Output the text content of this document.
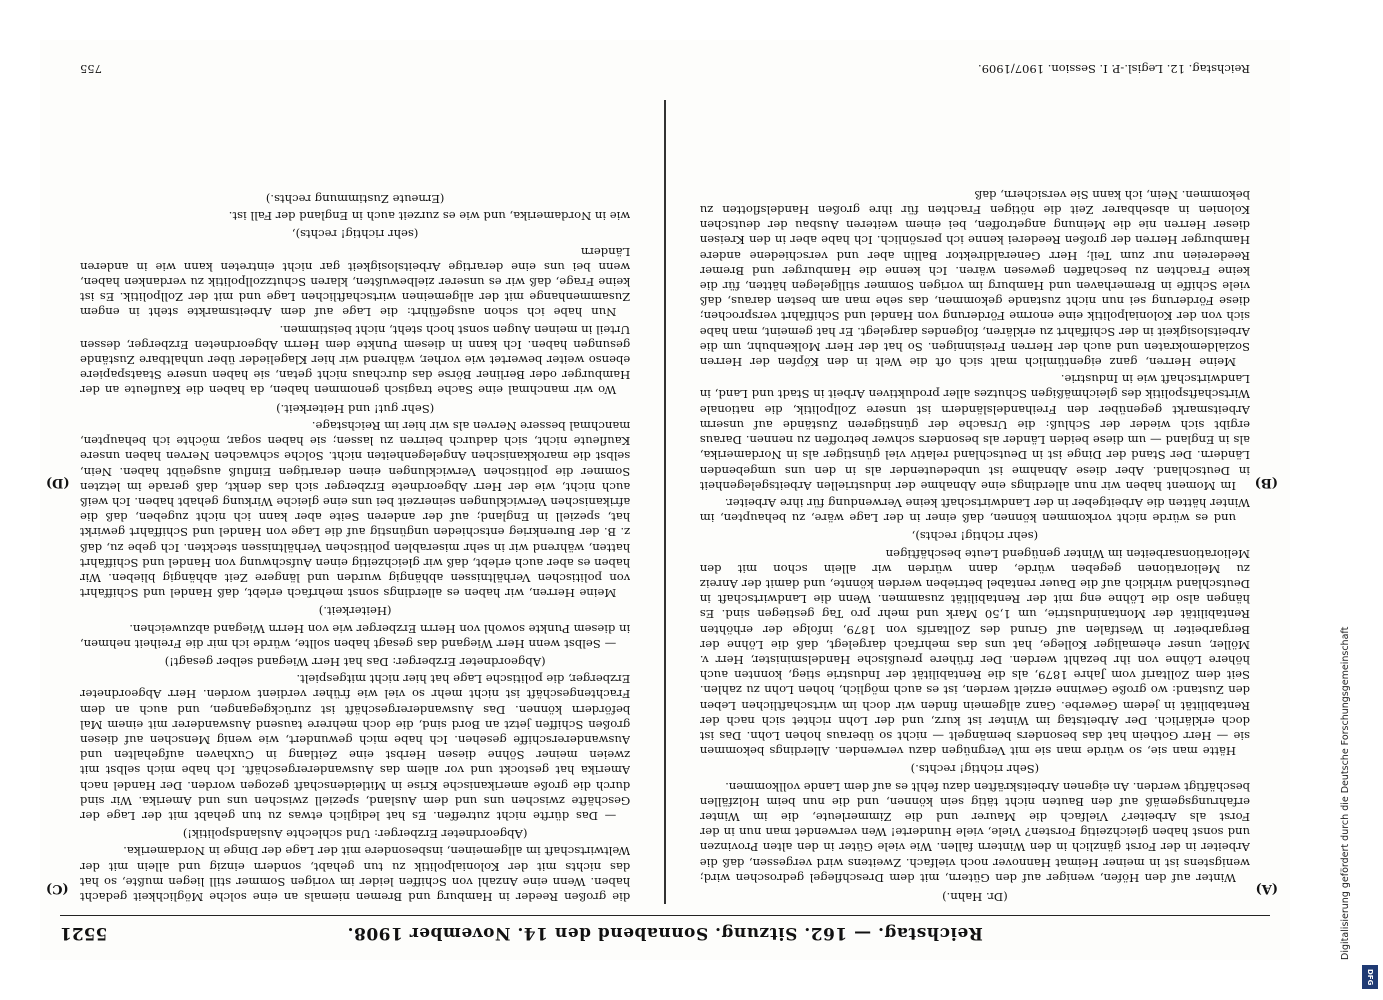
Reichstag. — 162. Sitzung. Sonnabend den 14. November 1908.
5521
(A)
(B)
(C)
(D)

(Dr. Hahn.)

Winter auf den Höfen, weniger auf den Gütern, mit dem Dreschflegel gedroschen wird; wenigstens ist in meiner Heimat Hannover noch vielfach. Zweitens wird vergessen, daß die Arbeiter in der Forst gänzlich in den Wintern fallen. Wie viele Güter in den alten Provinzen und sonst haben gleichzeitig Forsten? Viele, viele Hunderte! Wen verwendet man nun in der Forst als Arbeiter? Vielfach die Maurer und die Zimmerleute, die im Winter erfahrungsgemäß auf den Bauten nicht tätig sein können, und die nun beim Holzfällen beschäftigt werden. An eigenen Arbeitskräften dazu fehlt es auf dem Lande vollkommen.

(Sehr richtig! rechts.)

Hätte man sie, so würde man sie mit Vergnügen dazu verwenden. Allerdings bekommen sie — Herr Gothein hat das besonders bemängelt — nicht so überaus hohen Lohn. Das ist doch erklärlich. Der Arbeitstag im Winter ist kurz, und der Lohn richtet sich nach der Rentabilität in jedem Gewerbe. Ganz allgemein finden wir doch im wirtschaftlichen Leben den Zustand: wo große Gewinne erzielt werden, ist es auch möglich, hohen Lohn zu zahlen. Seit dem Zolltarif vom Jahre 1879, als die Rentabilität der Industrie stieg, konnten auch höhere Löhne von ihr bezahlt werden. Der frühere preußische Handelsminister, Herr v. Möller, unser ehemaliger Kollege, hat uns das mehrfach dargelegt, daß die Löhne der Bergarbeiter in Westfalen auf Grund des Zolltarifs von 1879, infolge der erhöhten Rentabilität der Montanindustrie, um 1,50 Mark und mehr pro Tag gestiegen sind. Es hängen also die Löhne eng mit der Rentabilität zusammen. Wenn die Landwirtschaft in Deutschland wirklich auf die Dauer rentabel betrieben werden könnte, und damit der Anreiz zu Meliorationen gegeben würde, dann würden wir allein schon mit den Meliorationsarbeiten im Winter genügend Leute beschäftigen

(sehr richtig! rechts),

und es würde nicht vorkommen können, daß einer in der Lage wäre, zu behaupten, im Winter hätten die Arbeitgeber in der Landwirtschaft keine Verwendung für ihre Arbeiter.

Im Moment haben wir nun allerdings eine Abnahme der industriellen Arbeitsgelegenheit in Deutschland. Aber diese Abnahme ist unbedeutender als in den uns umgebenden Ländern. Der Stand der Dinge ist in Deutschland relativ viel günstiger als in Nordamerika, als in England — um diese beiden Länder als besonders schwer betroffen zu nennen. Daraus ergibt sich wieder der Schluß: die Ursache der günstigeren Zustände auf unserm Arbeitsmarkt gegenüber den Freihandelsländern ist unsere Zollpolitik, die nationale Wirtschaftspolitik des gleichmäßigen Schutzes aller produktiven Arbeit in Stadt und Land, in Landwirtschaft wie in Industrie.

Meine Herren, ganz eigentümlich malt sich oft die Welt in den Köpfen der Herren Sozialdemokraten und auch der Herren Freisinnigen. So hat der Herr Molkenbuhr, um die Arbeitslosigkeit in der Schiffahrt zu erklären, folgendes dargelegt. Er hat gemeint, man habe sich von der Kolonialpolitik eine enorme Förderung von Handel und Schiffahrt versprochen; diese Förderung sei nun nicht zustande gekommen, das sehe man am besten daraus, daß viele Schiffe in Bremerhaven und Hamburg im vorigen Sommer stillgelegen hätten, für die keine Frachten zu beschaffen gewesen wären. Ich kenne die Hamburger und Bremer Reedereien nur zum Teil; Herr Generaldirektor Ballin aber und verschiedene andere Hamburger Herren der großen Reederei kenne ich persönlich. Ich habe aber in den Kreisen dieser Herren nie die Meinung angetroffen, bei einem weiteren Ausbau der deutschen Kolonien in absehbarer Zeit die nötigen Frachten für ihre großen Handelsflotten zu bekommen. Nein, ich kann Sie versichern, daß

die großen Reeder in Hamburg und Bremen niemals an eine solche Möglichkeit gedacht haben. Wenn eine Anzahl von Schiffen leider im vorigen Sommer still liegen mußte, so hat das nichts mit der Kolonialpolitik zu tun gehabt, sondern einzig und allein mit der Weltwirtschaft im allgemeinen, insbesondere mit der Lage der Dinge in Nordamerika.

(Abgeordneter Erzberger: Und schlechte Auslandspolitik!)

— Das dürfte nicht zutreffen. Es hat lediglich etwas zu tun gehabt mit der Lage der Geschäfte zwischen uns und dem Ausland, speziell zwischen uns und Amerika. Wir sind durch die große amerikanische Krise in Mitleidenschaft gezogen worden. Der Handel nach Amerika hat gestockt und vor allem das Auswanderergeschäft. Ich habe mich selbst mit zweien meiner Söhne diesen Herbst eine Zeitlang in Cuxhaven aufgehalten und Auswandererschiffe gesehen. Ich habe mich gewundert, wie wenig Menschen auf diesen großen Schiffen jetzt an Bord sind, die doch mehrere tausend Auswanderer mit einem Mal befördern können. Das Auswanderergeschäft ist zurückgegangen, und auch an dem Frachtengeschäft ist nicht mehr so viel wie früher verdient worden. Herr Abgeordneter Erzberger, die politische Lage hat hier nicht mitgespielt.

(Abgeordneter Erzberger: Das hat Herr Wiegand selber gesagt!)

— Selbst wenn Herr Wiegand das gesagt haben sollte, würde ich mir die Freiheit nehmen, in diesem Punkte sowohl von Herrn Erzberger wie von Herrn Wiegand abzuweichen.

(Heiterkeit.)

Meine Herren, wir haben es allerdings sonst mehrfach erlebt, daß Handel und Schiffahrt von politischen Verhältnissen abhängig wurden und längere Zeit abhängig blieben. Wir haben es aber auch erlebt, daß wir gleichzeitig einen Aufschwung von Handel und Schiffahrt hatten, während wir in sehr miserablen politischen Verhältnissen steckten. Ich gebe zu, daß z. B. der Burenkrieg entschieden ungünstig auf die Lage von Handel und Schiffahrt gewirkt hat, speziell in England; auf der anderen Seite aber kann ich nicht zugeben, daß die afrikanischen Verwicklungen seinerzeit bei uns eine gleiche Wirkung gehabt haben. Ich weiß auch nicht, wie der Herr Abgeordnete Erzberger sich das denkt, daß gerade im letzten Sommer die politischen Verwicklungen einen derartigen Einfluß ausgeübt haben. Nein, selbst die marokkanischen Angelegenheiten nicht. Solche schwachen Nerven haben unsere Kaufleute nicht, sich dadurch beirren zu lassen; sie haben sogar, möchte ich behaupten, manchmal bessere Nerven als wir hier im Reichstage.

(Sehr gut! und Heiterkeit.)

Wo wir manchmal eine Sache tragisch genommen haben, da haben die Kaufleute an der Hamburger oder Berliner Börse das durchaus nicht getan, sie haben unsere Staatspapiere ebenso weiter bewertet wie vorher, während wir hier Klagelieder über unhaltbare Zustände gesungen haben. Ich kann in diesem Punkte dem Herrn Abgeordneten Erzberger, dessen Urteil in meinen Augen sonst hoch steht, nicht beistimmen.

Nun habe ich schon ausgeführt: die Lage auf dem Arbeitsmarkte steht in engem Zusammenhange mit der allgemeinen wirtschaftlichen Lage und mit der Zollpolitik. Es ist keine Frage, daß wir es unserer zielbewußten, klaren Schutzzollpolitik zu verdanken haben, wenn bei uns eine derartige Arbeitslosigkeit gar nicht eintreten kann wie in anderen Ländern

(sehr richtig! rechts),

wie in Nordamerika, und wie es zurzeit auch in England der Fall ist.

(Erneute Zustimmung rechts.)

Reichstag. 12. Legisl.-P. I. Session. 1907/1909.
755
Digitalisierung gefördert durch die Deutsche Forschungsgemeinschaft
DFG
